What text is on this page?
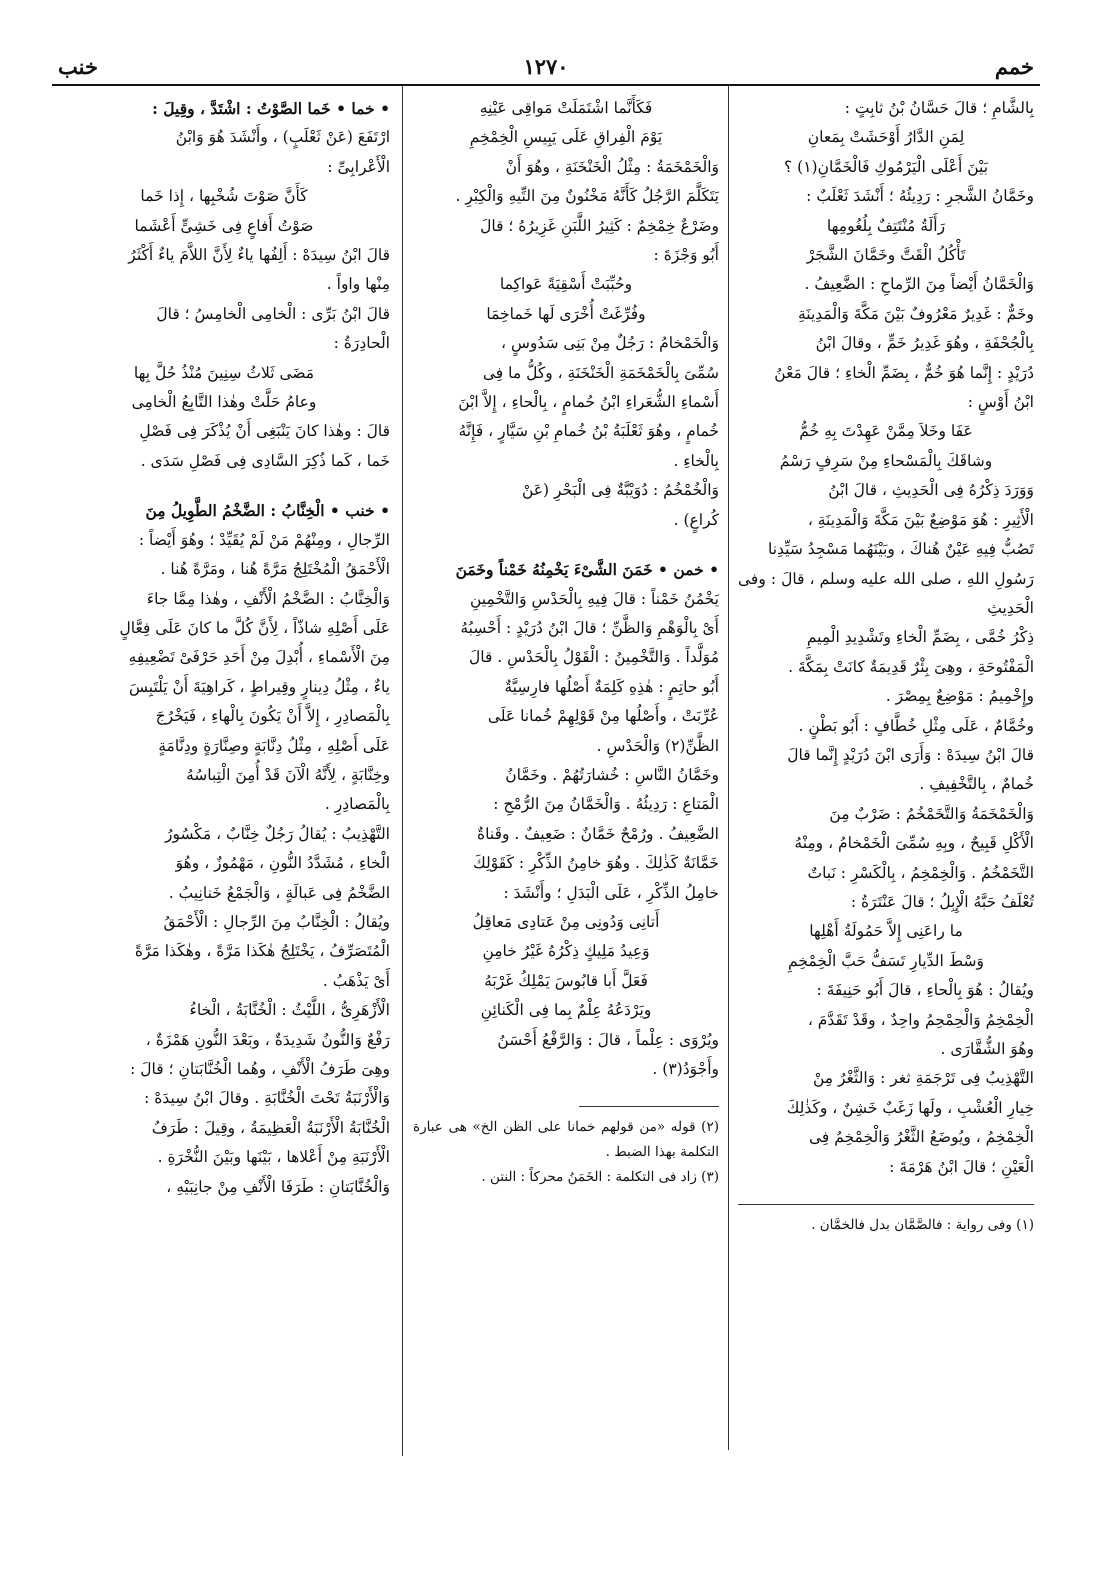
خمم
١٢٧٠
خنب

بِالشَّامِ ؛ قالَ حَسَّانُ بْنُ ثابِتٍ :

لِمَنِ الدَّارُ أَوْحَشَتْ بِمَعانِ

بَيْنَ أَعْلَى الْيَرْمُوكِ فَالْخَمَّانِ(١) ؟

وخَمَّانُ الشَّجرِ : رَدِيئُهُ ؛ أَنْشَدَ ثَعْلَبٌ :

رَأَلَةُ مُنْتَتِفٌ بِلُغُومِها

تَأْكُلُ الْقَتَّ وخَمَّانَ الشَّجَرْ

وَالْخَمَّانُ أَيْضاً مِنَ الرِّماحِ : الضَّعِيفُ .

وخَمٌّ : غَدِيرٌ مَعْرُوفٌ بَيْنَ مَكَّةَ وَالْمَدِينَةِ

بِالْجُحْفَةِ ، وهُوَ غَدِيرُ خَمٍّ ، وقالَ ابْنُ

دُرَيْدٍ : إِنَّما هُوَ خُمٌّ ، بِضَمِّ الْخاءِ ؛ قالَ مَعْنُ

ابْنُ أَوْسٍ :

عَفَا وخَلاَ مِمَّنْ عَهِدْتَ بِهِ خُمُّ

وشاقَكَ بِالْمَسْحاءِ مِنْ سَرِفٍ رَسْمُ

وَوَرَدَ ذِكْرُهُ فِى الْحَدِيثِ ، قالَ ابْنُ

الْأَثِيرِ : هُوَ مَوْضِعٌ بَيْنَ مَكَّةَ وَالْمَدِينَةِ ،

تَصُبُّ فِيهِ عَيْنٌ هُناكَ ، وبَيْنَهُما مَسْجِدُ سَيِّدِنا

رَسُولِ اللهِ ، صلى الله عليه وسلم ، قالَ : وفى الْحَدِيثِ

ذِكْرُ خُمَّى ، بِضَمِّ الْخاءِ وتَشْدِيدِ الْمِيمِ

الْمَفْتُوحَةِ ، وهِىَ بِئْرٌ قَدِيمَةٌ كانَتْ بِمَكَّةَ .

وإِخْمِيمُ : مَوْضِعٌ بِمِصْرَ .

وخُمَّامٌ ، عَلَى مِثْلِ خُطَّافٍ : أَبُو بَطْنٍ .

قالَ ابْنُ سِيدَهْ : وَأَرَى ابْنَ دُرَيْدٍ إِنَّما قالَ

خُمامٌ ، بِالتَّخْفِيفِ .

وَالْخَمْخَمَةُ وَالتَّخَمْخُمُ : ضَرْبٌ مِنَ

الْأَكْلِ قَبِيحٌ ، وبِهِ سُمِّىَ الْخَمْخامُ ، ومِنْهُ

التَّخَمْخُمُ . وَالْخِمْخِمُ ، بِالْكَسْرِ : نَباتٌ

تُعْلَفُ حَبَّهُ الْإِبِلُ ؛ قالَ عَنْتَرَةُ :

ما راعَنِى إِلاَّ حَمُولَةُ أَهْلِها

وَسْطَ الدِّيارِ تَسَفُّ حَبَّ الْخِمْخِمِ

ويُقالُ : هُوَ بِالْحاءِ ، قالَ أَبُو حَنِيفَةَ :

الْخِمْخِمُ وَالْحِمْحِمُ واحِدٌ ، وقَدْ تَقَدَّمَ ،

وهُوَ الشُّقَّارَى .

التَّهْذِيبُ فِى تَرْجَمَةِ ثغر : وَالثَّغْرُ مِنْ

خِيارِ الْعُشْبِ ، ولَها زَغَبٌ خَشِنٌ ، وكَذٰلِكَ

الْخِمْخِمُ ، ويُوضَعُ الثَّغْرُ وَالْخِمْخِمُ فِى

الْعَيْنِ ؛ قالَ ابْنُ هَرْمَةَ :

(١) وفى رواية : فالصَّمَّان بدل فالخمَّان .

فَكَأَنَّما اشْتَمَلَتْ مَواقِى عَيْنِهِ

يَوْمَ الْفِراقِ عَلَى يَبِيسِ الْخِمْخِمِ

وَالْخَمْخَمَةُ : مِثْلُ الْخَنْخَنَةِ ، وهُوَ أَنْ

يَتَكَلَّمَ الرَّجُلُ كَأَنَّهُ مَخْنُونٌ مِنَ التِّيهِ وَالْكِبْرِ .

وضَرْعٌ خِمْخِمٌ : كَثِيرُ اللَّبَنِ غَزِيرُهُ ؛ قالَ

أَبُو وَجْزَةَ :

وحُبِّبَتْ أَسْقِيَةً عَواكِما

وفُرِّغَتْ أُخْرَى لَها خَماخِمَا

وَالْخَمْخامُ : رَجُلٌ مِنْ بَنِى سَدُوسٍ ،

سُمِّىَ بِالْخَمْخَمَةِ الْخَنْخَنَةِ ، وكُلُّ ما فِى

أَسْماءِ الشُّعَراءِ ابْنُ حُمامٍ ، بِالْحاءِ ، إِلاَّ ابْنَ

خُمامٍ ، وهُوَ ثَعْلَبَةُ بْنُ خُمامِ بْنِ سَيَّارٍ ، فَإِنَّهُ

بِالْخاءِ .

وَالْخُمْخُمُ : دُوَيْبَّةٌ فِى الْبَحْرِ (عَنْ

كُراعٍ) .

• خمن • خَمَنَ الشَّىْءَ يَخْمِنُهُ خَمْناً وخَمَنَ

يَخْمُنُ خَمْناً : قالَ فِيهِ بِالْحَدْسِ وَالتَّخْمِينِ

أَىْ بِالْوَهْمِ وَالظَّنِّ ؛ قالَ ابْنُ دُرَيْدٍ : أَحْسِبُهُ

مُوَلَّداً . وَالتَّخْمِينُ : الْقَوْلُ بِالْحَدْسِ . قالَ

أَبُو حاتِمٍ : هٰذِهِ كَلِمَةٌ أَصْلُها فارِسِيَّةٌ

عُرِّبَتْ ، وأَصْلُها مِنْ قَوْلِهِمْ خُمانا عَلَى

الظَّنِّ(٢) وَالْحَدْسِ .

وخَمَّانُ النَّاسِ : خُشارَتُهُمْ . وخَمَّانُ

الْمَتاعِ : رَدِيئُهُ . وَالْخَمَّانُ مِنَ الرُّمْحِ :

الضَّعِيفُ . ورُمْحٌ خَمَّانٌ : ضَعِيفٌ . وقَناةٌ

خَمَّانَةٌ كَذٰلِكَ . وهُوَ خامِنُ الذِّكْرِ : كَقَوْلِكَ

خامِلُ الذِّكْرِ ، عَلَى الْبَدَلِ ؛ وأَنْشَدَ :

أَتانِى وَدُونِى مِنْ عَتادِى مَعاقِلُ

وَعِيدُ مَلِيكٍ ذِكْرُهُ غَيْرُ خامِنِ

فَعَلَّ أَبا قابُوسَ يَمْلِكُ غَرْبَهُ

ويَرْدَعُهُ عِلْمٌ بِما فِى الْكَنائِنِ

ويُرْوَى : عِلْماً ، قالَ : وَالرَّفْعُ أَحْسَنُ

وأَجْوَدُ(٣) .

(٢) قوله «من قولهم خمانا على الظن الخ» هى عبارة التكلمة بهذا الضبط .

(٣) زاد فى التكلمة : الخَمَنُ محركاً : النتن .

• خما • خَما الصَّوْتُ : اشْتَدَّ ، وقِيلَ :

ارْتَفَعَ (عَنْ ثَعْلَبٍ) ، وأَنْشَدَ هُوَ وَابْنُ

الْأَعْرابِىِّ :

كَأَنَّ صَوْتَ شُخْبِها ، إِذا خَما

صَوْتُ أَفاعٍ فِى خَشِىٍّ أَعْشَما

قالَ ابْنُ سِيدَهْ : أَلِفُها ياءٌ لِأَنَّ اللاَّمَ ياءٌ أَكْثَرُ

مِنْها واواً .

قالَ ابْنُ بَرِّى : الْخامِى الْخامِسُ ؛ قالَ

الْحادِرَةُ :

مَضَى ثَلاثُ سِنِينَ مُنْذُ حُلَّ بِها

وعامُ حَلَّتْ وهٰذا التَّابِعُ الْخامِى

قالَ : وهٰذا كانَ يَنْبَغِى أَنْ يُذْكَرَ فِى فَصْلِ

خَما ، كَما ذُكِرَ السَّادِى فِى فَصْلِ سَدَى .

• خنب • الْخِنَّابُ : الضَّخْمُ الطَّوِيلُ مِنَ

الرِّجالِ ، ومِنْهُمْ مَنْ لَمْ يُقَيِّدْ ؛ وهُوَ أَيْضاً :

الْأَحْمَقُ الْمُخْتَلِجُ مَرَّةً هُنا ، ومَرَّةً هُنا .

وَالْخِنَّابُ : الضَّخْمُ الْأَنْفِ ، وهٰذا مِمَّا جاءَ

عَلَى أَصْلِهِ شاذّاً ، لِأَنَّ كُلَّ ما كانَ عَلَى فِعَّالٍ

مِنَ الْأَسْماءِ ، أُبْدِلَ مِنْ أَحَدِ حَرْفَىْ تَضْعِيفِهِ

ياءٌ ، مِثْلُ دِينارٍ وقِيراطٍ ، كَراهِيَةَ أَنْ يَلْتَبِسَ

بِالْمَصادِرِ ، إِلاَّ أَنْ يَكُونَ بِالْهاءِ ، فَيَخْرُجَ

عَلَى أَصْلِهِ ، مِثْلُ دِنَّابَةٍ وصِنَّارَةٍ ودِنَّامَةٍ

وخِنَّابَةٍ ، لِأَنَّهُ الْآنَ قَدْ أُمِنَ الْتِباسُهُ

بِالْمَصادِرِ .

التَّهْذِيبُ : يُقالُ رَجُلٌ خِنَّابٌ ، مَكْسُورُ

الْخاءِ ، مُشَدَّدُ النُّونِ ، مَهْمُوزٌ ، وهُوَ

الضَّخْمُ فِى عَبالَةٍ ، وَالْجَمْعُ خَنانِيبُ .

ويُقالُ : الْخِنَّابُ مِنَ الرِّجالِ : الْأَحْمَقُ

الْمُتَصَرِّفُ ، يَخْتَلِجُ هٰكَذا مَرَّةً ، وهٰكَذا مَرَّةً

أَىْ يَذْهَبُ .

الْأَزْهَرِىُّ ، اللَّيْثُ : الْخُنَّابَةُ ، الْخاءُ

رَفْعٌ وَالنُّونُ شَدِيدَةٌ ، وبَعْدَ النُّونِ هَمْزَةٌ ،

وهِىَ طَرَفُ الْأَنْفِ ، وهُما الْخُنَّابَتانِ ؛ قالَ :

وَالْأَرْنَبَةُ تَحْتَ الْخُنَّابَةِ . وقالَ ابْنُ سِيدَهْ :

الْخُنَّابَةُ الْأَرْنَبَةُ الْعَظِيمَةُ ، وقِيلَ : طَرَفُ

الْأَرْنَبَةِ مِنْ أَعْلاها ، بَيْنَها وبَيْنَ النُّخْرَةِ .

وَالْخُنَّابَتانِ : طَرَفَا الْأَنْفِ مِنْ جانِبَيْهِ ،
